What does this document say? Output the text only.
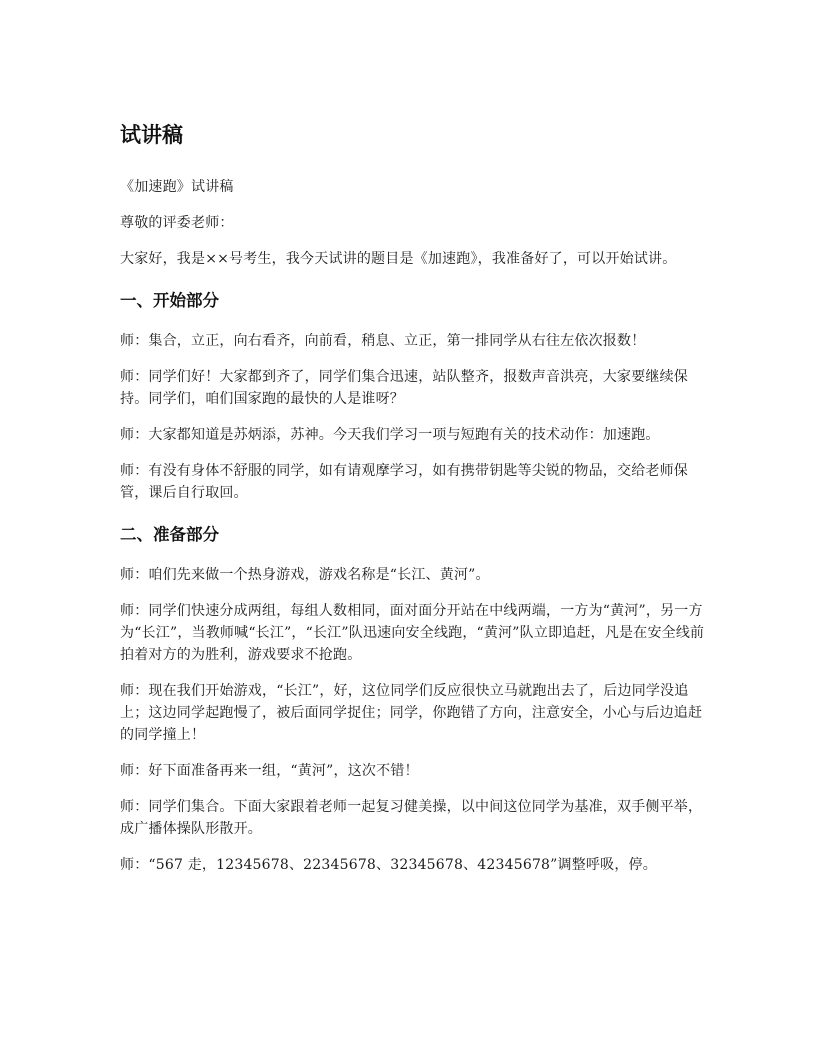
试讲稿

《加速跑》试讲稿

尊敬的评委老师：

大家好，我是××号考生，我今天试讲的题目是《加速跑》，我准备好了，可以开始试讲。

一、开始部分

师：集合，立正，向右看齐，向前看，稍息、立正，第一排同学从右往左依次报数！

师：同学们好！大家都到齐了，同学们集合迅速，站队整齐，报数声音洪亮，大家要继续保持。同学们，咱们国家跑的最快的人是谁呀？

师：大家都知道是苏炳添，苏神。今天我们学习一项与短跑有关的技术动作：加速跑。

师：有没有身体不舒服的同学，如有请观摩学习，如有携带钥匙等尖锐的物品，交给老师保管，课后自行取回。

二、准备部分

师：咱们先来做一个热身游戏，游戏名称是“长江、黄河”。

师：同学们快速分成两组，每组人数相同，面对面分开站在中线两端，一方为“黄河”，另一方为“长江”，当教师喊“长江”，“长江”队迅速向安全线跑，“黄河”队立即追赶，凡是在安全线前拍着对方的为胜利，游戏要求不抢跑。

师：现在我们开始游戏，“长江”，好，这位同学们反应很快立马就跑出去了，后边同学没追上；这边同学起跑慢了，被后面同学捉住；同学，你跑错了方向，注意安全，小心与后边追赶的同学撞上！

师：好下面准备再来一组，“黄河”，这次不错！

师：同学们集合。下面大家跟着老师一起复习健美操，以中间这位同学为基准，双手侧平举，成广播体操队形散开。

师：“567 走，12345678、22345678、32345678、42345678”调整呼吸，停。
